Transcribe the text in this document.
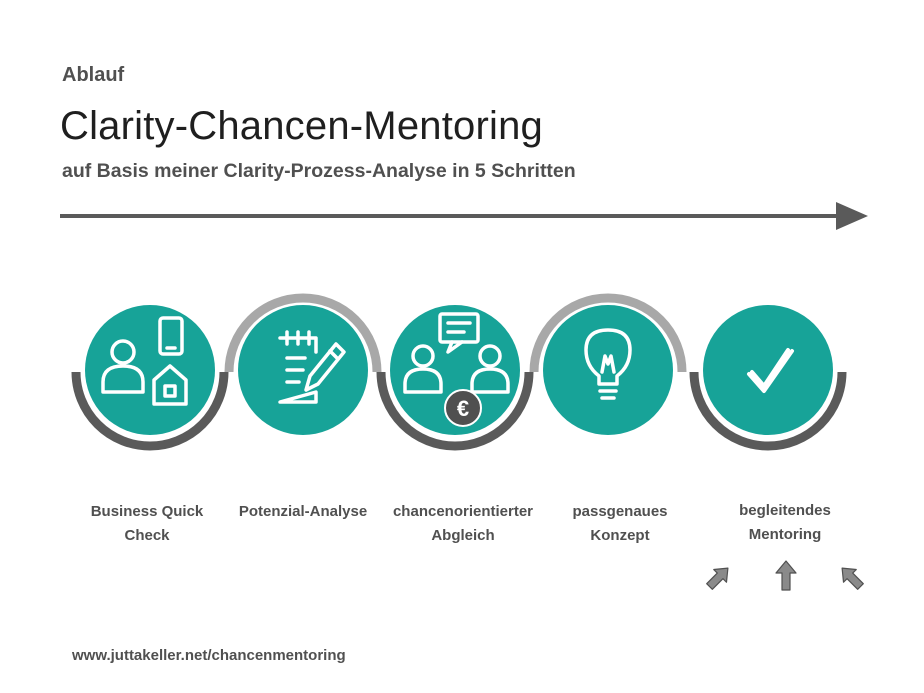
Ablauf
Clarity-Chancen-Mentoring
auf Basis meiner Clarity-Prozess-Analyse in 5 Schritten
€
Business Quick
Check
Potenzial-Analyse	chancenorientierter
Abgleich
passgenaues
Konzept
begleitendes
Mentoring
www.juttakeller.net/chancenmentoring
